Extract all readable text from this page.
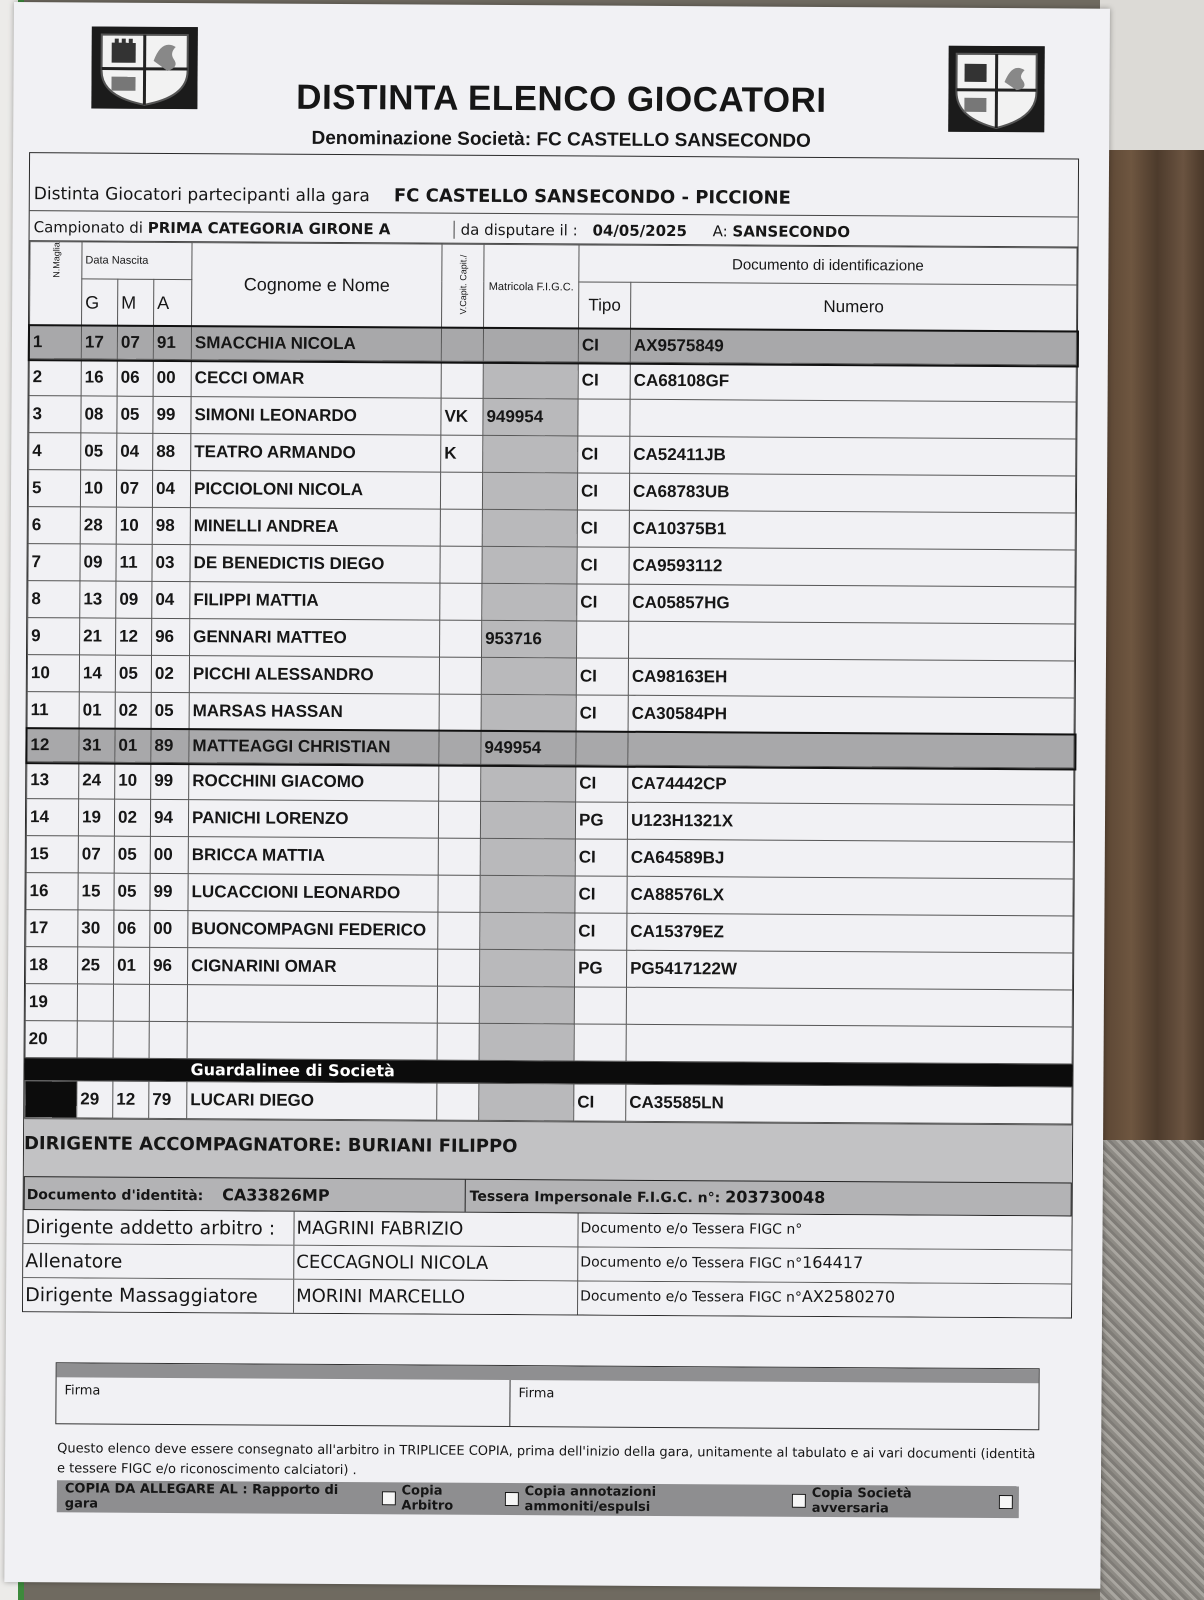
DISTINTA ELENCO GIOCATORI
Denominazione Società: FC CASTELLO SANSECONDO
Distinta Giocatori partecipanti alla gara FC CASTELLO SANSECONDO - PICCIONE
Campionato di PRIMA CATEGORIA GIRONE A	da disputare il : 04/05/2025	A: SANSECONDO
N.Maglia	Data Nascita			Cognome e Nome	V.Capit. Capit./	Matricola F.I.G.C.	Documento di identificazione	
	G	M	A				Tipo	Numero
1	17	07	91	SMACCHIA NICOLA			CI	AX9575849
2	16	06	00	CECCI OMAR			CI	CA68108GF
3	08	05	99	SIMONI LEONARDO	VK	949954		
4	05	04	88	TEATRO ARMANDO	K		CI	CA52411JB
5	10	07	04	PICCIOLONI NICOLA			CI	CA68783UB
6	28	10	98	MINELLI ANDREA			CI	CA10375B1
7	09	11	03	DE BENEDICTIS DIEGO			CI	CA9593112
8	13	09	04	FILIPPI MATTIA			CI	CA05857HG
9	21	12	96	GENNARI MATTEO		953716		
10	14	05	02	PICCHI ALESSANDRO			CI	CA98163EH
11	01	02	05	MARSAS HASSAN			CI	CA30584PH
12	31	01	89	MATTEAGGI CHRISTIAN		949954		
13	24	10	99	ROCCHINI GIACOMO			CI	CA74442CP
14	19	02	94	PANICHI LORENZO			PG	U123H1321X
15	07	05	00	BRICCA MATTIA			CI	CA64589BJ
16	15	05	99	LUCACCIONI LEONARDO			CI	CA88576LX
17	30	06	00	BUONCOMPAGNI FEDERICO			CI	CA15379EZ
18	25	01	96	CIGNARINI OMAR			PG	PG5417122W
19								
20								
Guardalinee di Società
	29	12	79	LUCARI DIEGO			CI	CA35585LN
DIRIGENTE ACCOMPAGNATORE: BURIANI FILIPPO
Documento d'identità: CA33826MP	Tessera Impersonale F.I.G.C. n°: 203730048
Dirigente addetto arbitro :	MAGRINI FABRIZIO	Documento e/o Tessera FIGC n°
Allenatore	CECCAGNOLI NICOLA	Documento e/o Tessera FIGC n°164417
Dirigente Massaggiatore	MORINI MARCELLO	Documento e/o Tessera FIGC n°AX2580270
Firma	Firma
Questo elenco deve essere consegnato all'arbitro in TRIPLICEE COPIA, prima dell'inizio della gara, unitamente al tabulato e ai vari documenti (identità e tessere FIGC e/o riconoscimento calciatori) .
COPIA DA ALLEGARE AL : Rapporto di gara
Copia Arbitro
Copia annotazioni ammoniti/espulsi
Copia Società avversaria
